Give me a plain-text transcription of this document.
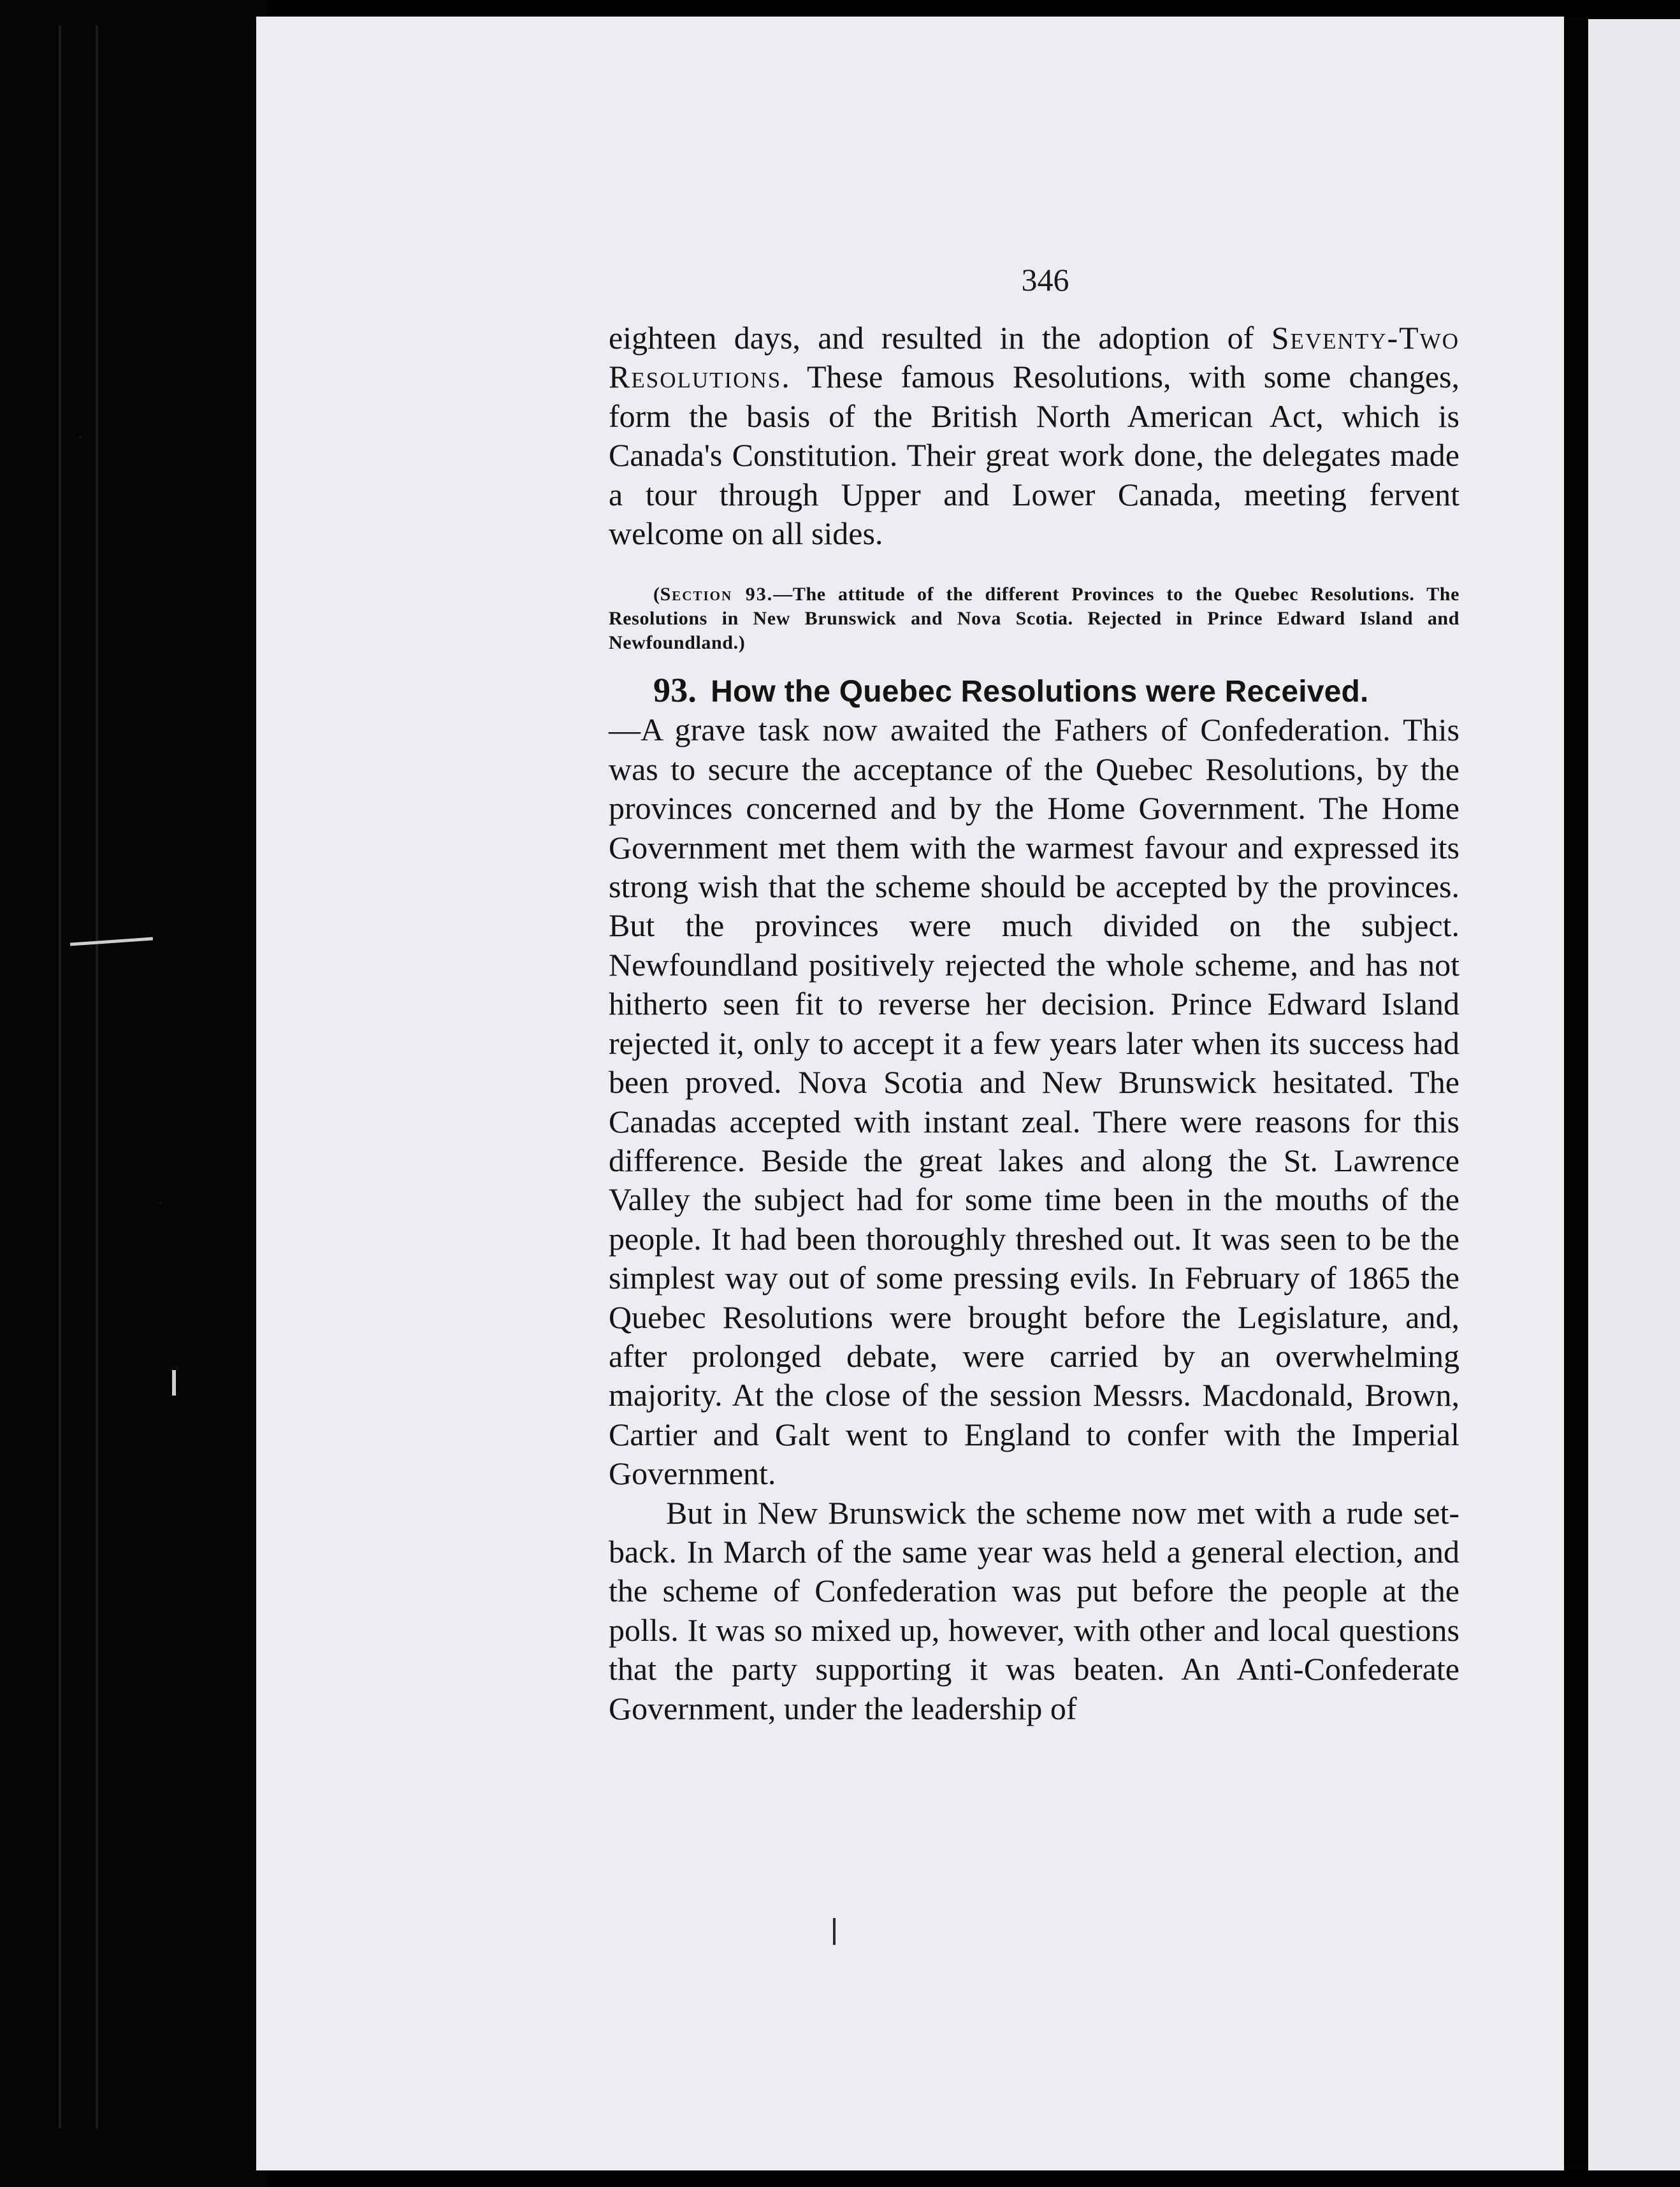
346

eighteen days, and resulted in the adoption of Seventy-Two Resolutions. These famous Resolutions, with some changes, form the basis of the British North American Act, which is Canada's Constitution. Their great work done, the delegates made a tour through Upper and Lower Canada, meeting fervent welcome on all sides.

(Section 93.—The attitude of the different Provinces to the Quebec Resolutions. The Resolutions in New Brunswick and Nova Scotia. Rejected in Prince Edward Island and Newfoundland.)

93. How the Quebec Resolutions were Received.

—A grave task now awaited the Fathers of Confederation. This was to secure the acceptance of the Quebec Resolutions, by the provinces concerned and by the Home Government. The Home Government met them with the warmest favour and expressed its strong wish that the scheme should be accepted by the provinces. But the provinces were much divided on the subject. Newfoundland positively rejected the whole scheme, and has not hitherto seen fit to reverse her decision. Prince Edward Island rejected it, only to accept it a few years later when its success had been proved. Nova Scotia and New Brunswick hesitated. The Canadas accepted with instant zeal. There were reasons for this difference. Beside the great lakes and along the St. Lawrence Valley the subject had for some time been in the mouths of the people. It had been thoroughly threshed out. It was seen to be the simplest way out of some pressing evils. In February of 1865 the Quebec Resolutions were brought before the Legislature, and, after prolonged debate, were carried by an overwhelming majority. At the close of the session Messrs. Macdonald, Brown, Cartier and Galt went to England to confer with the Imperial Government.

But in New Brunswick the scheme now met with a rude set-back. In March of the same year was held a general election, and the scheme of Confederation was put before the people at the polls. It was so mixed up, however, with other and local questions that the party supporting it was beaten. An Anti-Confederate Government, under the leadership of
